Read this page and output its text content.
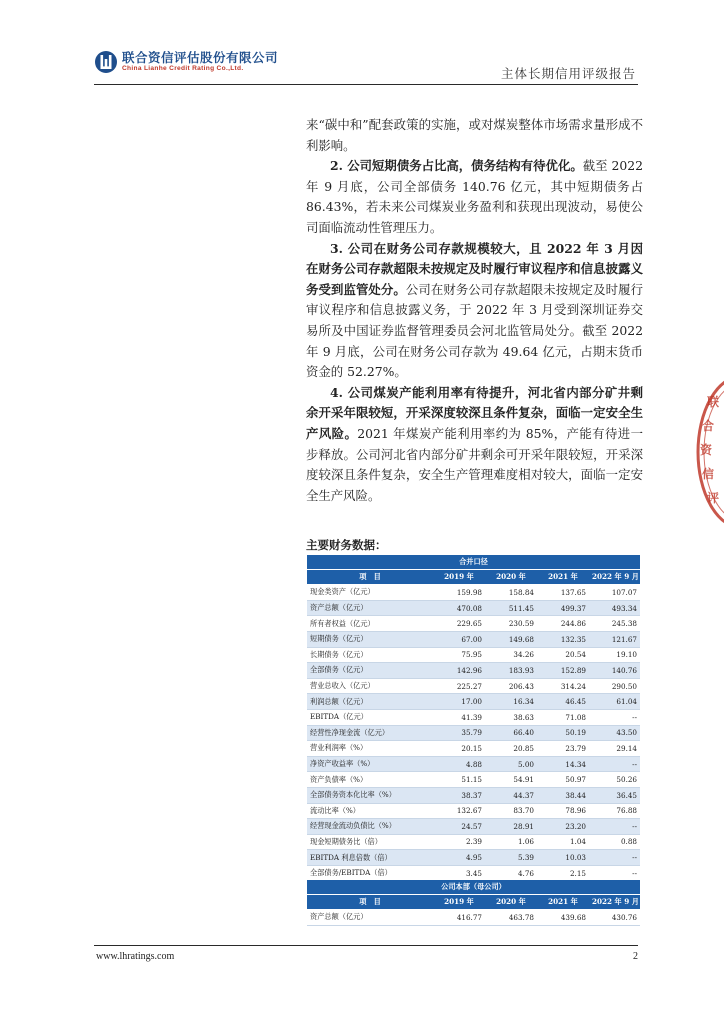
联合资信评估股份有限公司
China Lianhe Credit Rating Co.,Ltd.	主体长期信用评级报告

来“碳中和”配套政策的实施，或对煤炭整体市场需求量形成不利影响。

2. 公司短期债务占比高，债务结构有待优化。截至 2022 年 9 月底，公司全部债务 140.76 亿元，其中短期债务占 86.43%，若未来公司煤炭业务盈利和获现出现波动，易使公司面临流动性管理压力。

3. 公司在财务公司存款规模较大，且 2022 年 3 月因在财务公司存款超限未按规定及时履行审议程序和信息披露义务受到监管处分。公司在财务公司存款超限未按规定及时履行审议程序和信息披露义务，于 2022 年 3 月受到深圳证券交易所及中国证券监督管理委员会河北监管局处分。截至 2022 年 9 月底，公司在财务公司存款为 49.64 亿元，占期末货币资金的 52.27%。

4. 公司煤炭产能利用率有待提升，河北省内部分矿井剩余开采年限较短，开采深度较深且条件复杂，面临一定安全生产风险。2021 年煤炭产能利用率约为 85%，产能有待进一步释放。公司河北省内部分矿井剩余可开采年限较短，开采深度较深且条件复杂，安全生产管理难度相对较大，面临一定安全生产风险。

主要财务数据：
合并口径				
项　目	2019 年	2020 年	2021 年	2022 年 9 月
现金类资产（亿元）	159.98	158.84	137.65	107.07
资产总额（亿元）	470.08	511.45	499.37	493.34
所有者权益（亿元）	229.65	230.59	244.86	245.38
短期债务（亿元）	67.00	149.68	132.35	121.67
长期债务（亿元）	75.95	34.26	20.54	19.10
全部债务（亿元）	142.96	183.93	152.89	140.76
营业总收入（亿元）	225.27	206.43	314.24	290.50
利润总额（亿元）	17.00	16.34	46.45	61.04
EBITDA（亿元）	41.39	38.63	71.08	--
经营性净现金流（亿元）	35.79	66.40	50.19	43.50
营业利润率（%）	20.15	20.85	23.79	29.14
净资产收益率（%）	4.88	5.00	14.34	--
资产负债率（%）	51.15	54.91	50.97	50.26
全部债务资本化比率（%）	38.37	44.37	38.44	36.45
流动比率（%）	132.67	83.70	78.96	76.88
经营现金流动负债比（%）	24.57	28.91	23.20	--
现金短期债务比（倍）	2.39	1.06	1.04	0.88
EBITDA 利息倍数（倍）	4.95	5.39	10.03	--
全部债务/EBITDA（倍）	3.45	4.76	2.15	--
公司本部（母公司）				
项　目	2019 年	2020 年	2021 年	2022 年 9 月
资产总额（亿元）	416.77	463.78	439.68	430.76
联
合
资
信
评
www.lhratings.com	2
